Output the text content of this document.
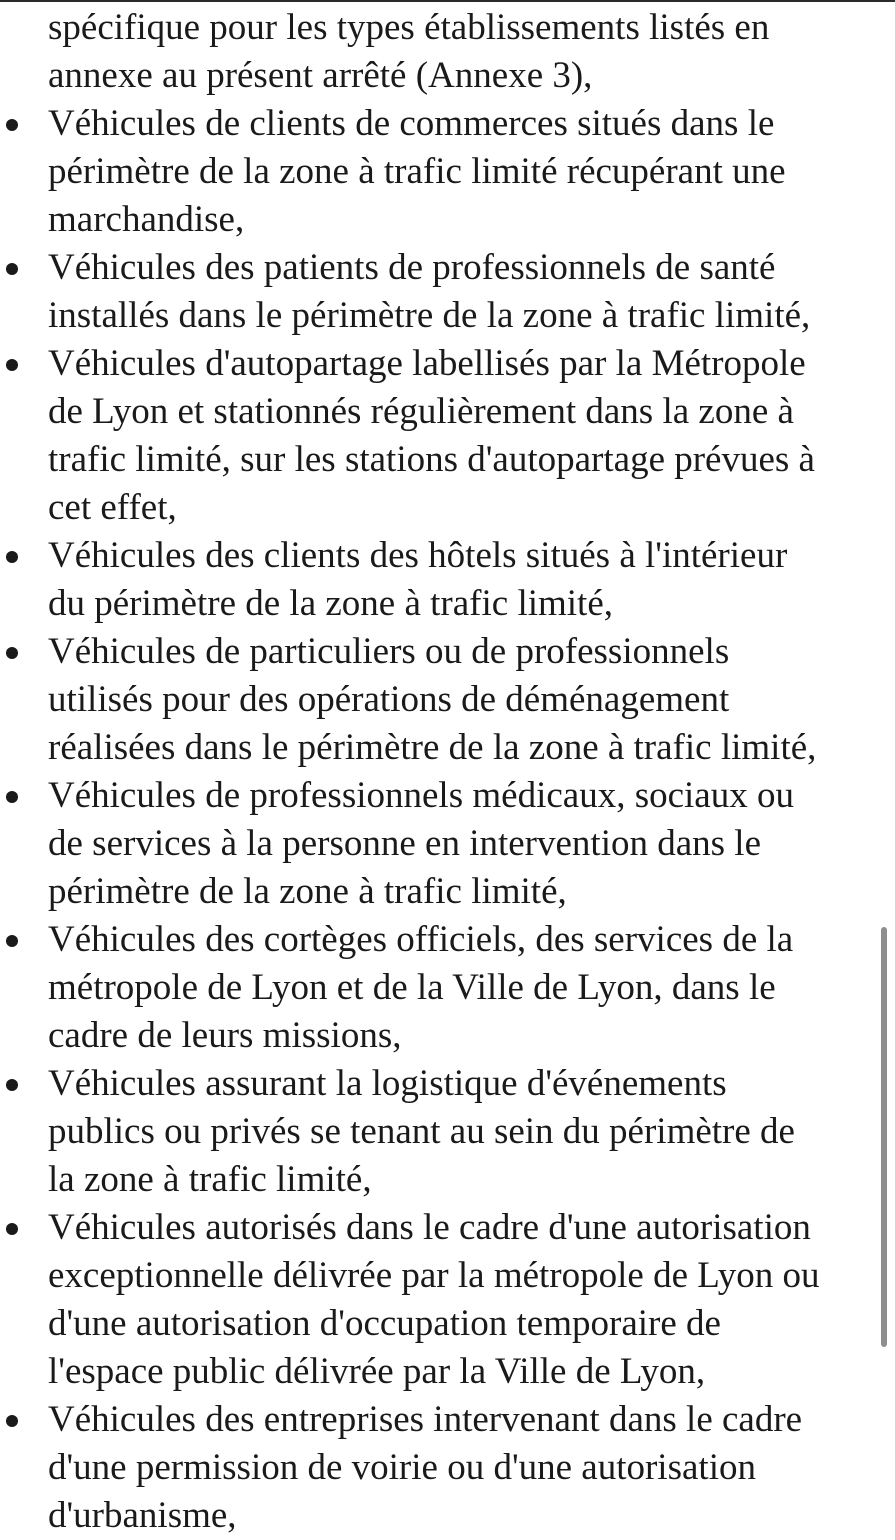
spécifique pour les types établissements listés en
annexe au présent arrêté (Annexe 3),
Véhicules de clients de commerces situés dans le
périmètre de la zone à trafic limité récupérant une
marchandise,
Véhicules des patients de professionnels de santé
installés dans le périmètre de la zone à trafic limité,
Véhicules d'autopartage labellisés par la Métropole
de Lyon et stationnés régulièrement dans la zone à
trafic limité, sur les stations d'autopartage prévues à
cet effet,
Véhicules des clients des hôtels situés à l'intérieur
du périmètre de la zone à trafic limité,
Véhicules de particuliers ou de professionnels
utilisés pour des opérations de déménagement
réalisées dans le périmètre de la zone à trafic limité,
Véhicules de professionnels médicaux, sociaux ou
de services à la personne en intervention dans le
périmètre de la zone à trafic limité,
Véhicules des cortèges officiels, des services de la
métropole de Lyon et de la Ville de Lyon, dans le
cadre de leurs missions,
Véhicules assurant la logistique d'événements
publics ou privés se tenant au sein du périmètre de
la zone à trafic limité,
Véhicules autorisés dans le cadre d'une autorisation
exceptionnelle délivrée par la métropole de Lyon ou
d'une autorisation d'occupation temporaire de
l'espace public délivrée par la Ville de Lyon,
Véhicules des entreprises intervenant dans le cadre
d'une permission de voirie ou d'une autorisation
d'urbanisme,
